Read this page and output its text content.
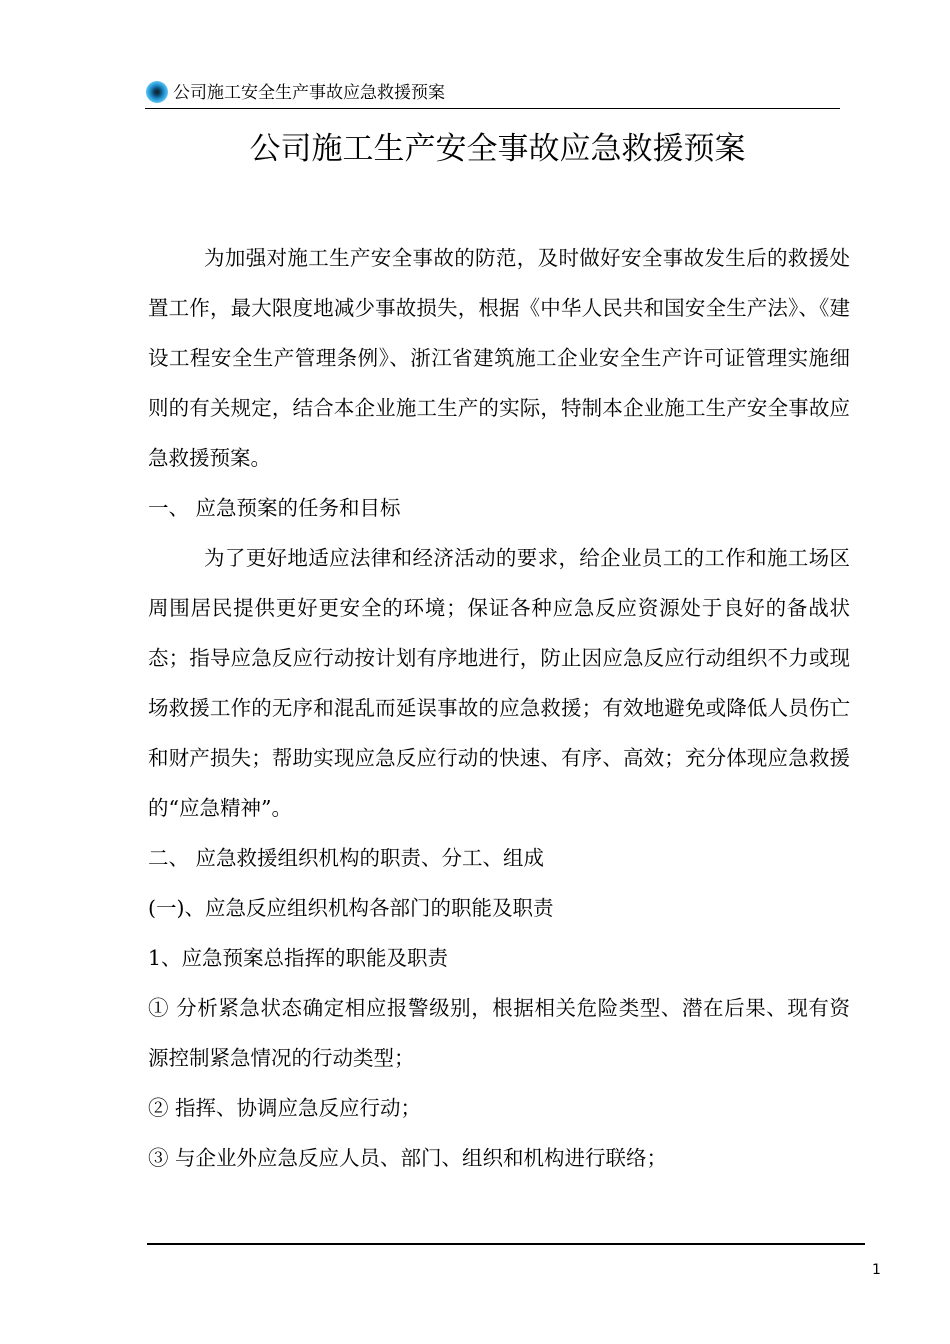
公司施工安全生产事故应急救援预案
公司施工生产安全事故应急救援预案

为加强对施工生产安全事故的防范，及时做好安全事故发生后的救援处置工作，最大限度地减少事故损失，根据《中华人民共和国安全生产法》、《建设工程安全生产管理条例》、浙江省建筑施工企业安全生产许可证管理实施细则的有关规定，结合本企业施工生产的实际，特制本企业施工生产安全事故应急救援预案。

一、 应急预案的任务和目标

为了更好地适应法律和经济活动的要求，给企业员工的工作和施工场区周围居民提供更好更安全的环境；保证各种应急反应资源处于良好的备战状态；指导应急反应行动按计划有序地进行，防止因应急反应行动组织不力或现场救援工作的无序和混乱而延误事故的应急救援；有效地避免或降低人员伤亡和财产损失；帮助实现应急反应行动的快速、有序、高效；充分体现应急救援的“应急精神”。

二、 应急救援组织机构的职责、分工、组成

(一)、应急反应组织机构各部门的职能及职责

1、应急预案总指挥的职能及职责

① 分析紧急状态确定相应报警级别，根据相关危险类型、潜在后果、现有资源控制紧急情况的行动类型；

② 指挥、协调应急反应行动；

③ 与企业外应急反应人员、部门、组织和机构进行联络；

1
